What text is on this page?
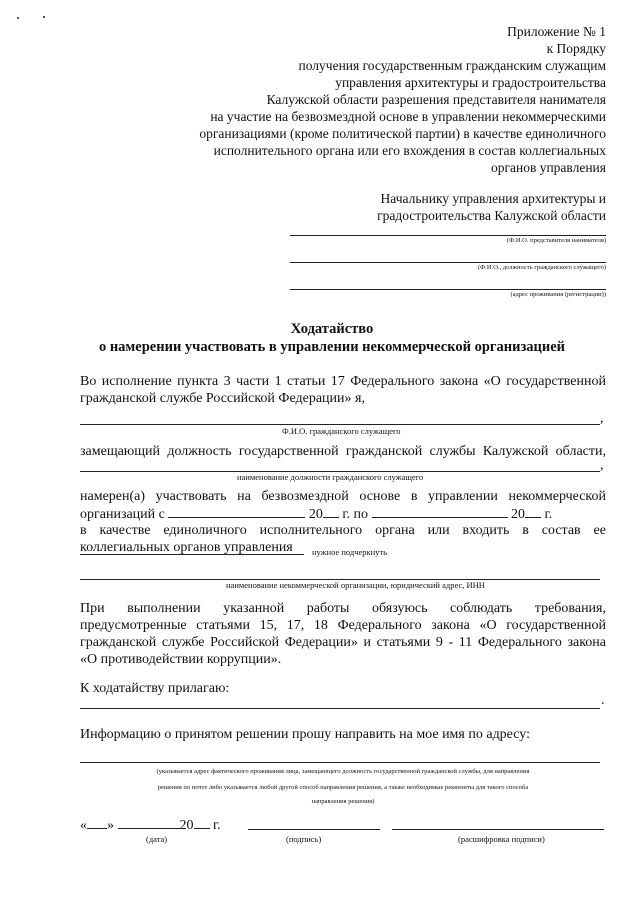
Приложение № 1
к Порядку
получения государственным гражданским служащим
управления архитектуры и градостроительства
Калужской области разрешения представителя нанимателя
на участие на безвозмездной основе в управлении некоммерческими
организациями (кроме политической партии) в качестве единоличного
исполнительного органа или его вхождения в состав коллегиальных
органов управления
Начальнику управления архитектуры и
градостроительства Калужской области
(Ф.И.О. представителя нанимателя)
(Ф.И.О., должность гражданского служащего)
(адрес проживания (регистрации))
Ходатайство
о намерении участвовать в управлении некоммерческой организацией
Во исполнение пункта 3 части 1 статьи 17 Федерального закона «О государственной
гражданской службе Российской Федерации» я,
,
Ф.И.О. гражданского служащего
замещающий должность государственной гражданской службы Калужской области,
,
наименование должности гражданского служащего
намерен(а) участвовать на безвозмездной основе в управлении некоммерческой
организаций с	20 г. по	20 г.
в качестве единоличного исполнительного органа или входить в состав ее
коллегиальных органов управления нужное подчеркнуть
наименование некоммерческой организации, юридический адрес, ИНН
При выполнении указанной работы обязуюсь соблюдать требования,
предусмотренные статьями 15, 17, 18 Федерального закона «О государственной
гражданской службе Российской Федерации» и статьями 9 - 11 Федерального закона
«О противодействии коррупции».
К ходатайству прилагаю:
.
Информацию о принятом решении прошу направить на мое имя по адресу:
(указывается адрес фактического проживания лица, замещающего должность государственной гражданской службы, для направления
решения по почте либо указывается любой другой способ направления решения, а также необходимые реквизиты для такого способа
направления решения)
« »	20 г.
(дата)	(подпись)	(расшифровка подписи)
